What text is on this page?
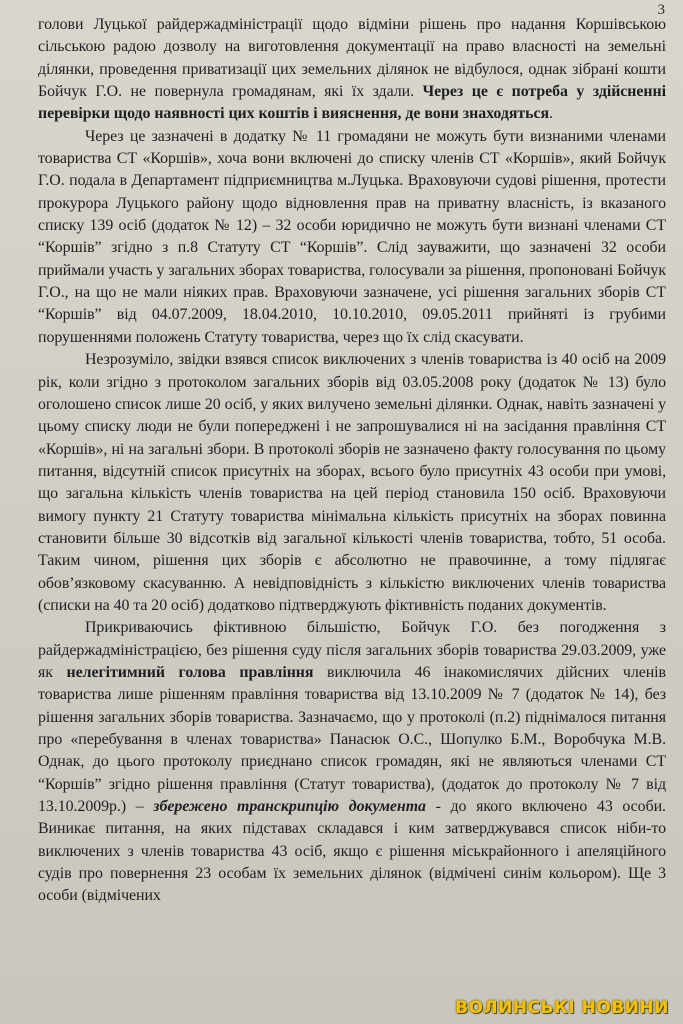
3

голови Луцької райдержадміністрації щодо відміни рішень про надання Коршівською сільською радою дозволу на виготовлення документації на право власності на земельні ділянки, проведення приватизації цих земельних ділянок не відбулося, однак зібрані кошти Бойчук Г.О. не повернула громадянам, які їх здали. Через це є потреба у здійсненні перевірки щодо наявності цих коштів і вияснення, де вони знаходяться.

Через це зазначені в додатку № 11 громадяни не можуть бути визнаними членами товариства СТ «Коршів», хоча вони включені до списку членів СТ «Коршів», який Бойчук Г.О. подала в Департамент підприємництва м.Луцька. Враховуючи судові рішення, протести прокурора Луцького району щодо відновлення прав на приватну власність, із вказаного списку 139 осіб (додаток № 12) – 32 особи юридично не можуть бути визнані членами СТ “Коршів” згідно з п.8 Статуту СТ “Коршів”. Слід зауважити, що зазначені 32 особи приймали участь у загальних зборах товариства, голосували за рішення, пропоновані Бойчук Г.О., на що не мали ніяких прав. Враховуючи зазначене, усі рішення загальних зборів СТ “Коршів” від 04.07.2009, 18.04.2010, 10.10.2010, 09.05.2011 прийняті із грубими порушеннями положень Статуту товариства, через що їх слід скасувати.

Незрозуміло, звідки взявся список виключених з членів товариства із 40 осіб на 2009 рік, коли згідно з протоколом загальних зборів від 03.05.2008 року (додаток № 13) було оголошено список лише 20 осіб, у яких вилучено земельні ділянки. Однак, навіть зазначені у цьому списку люди не були попереджені і не запрошувалися ні на засідання правління СТ «Коршів», ні на загальні збори. В протоколі зборів не зазначено факту голосування по цьому питання, відсутній список присутніх на зборах, всього було присутніх 43 особи при умові, що загальна кількість членів товариства на цей період становила 150 осіб. Враховуючи вимогу пункту 21 Статуту товариства мінімальна кількість присутніх на зборах повинна становити більше 30 відсотків від загальної кількості членів товариства, тобто, 51 особа. Таким чином, рішення цих зборів є абсолютно не правочинне, а тому підлягає обов’язковому скасуванню. А невідповідність з кількістю виключених членів товариства (списки на 40 та 20 осіб) додатково підтверджують фіктивність поданих документів.

Прикриваючись фіктивною більшістю, Бойчук Г.О. без погодження з райдержадміністрацією, без рішення суду після загальних зборів товариства 29.03.2009, уже як нелегітимний голова правління виключила 46 інакомислячих дійсних членів товариства лише рішенням правління товариства від 13.10.2009 № 7 (додаток № 14), без рішення загальних зборів товариства. Зазначаємо, що у протоколі (п.2) піднімалося питання про «перебування в членах товариства» Панасюк О.С., Шопулко Б.М., Воробчука М.В. Однак, до цього протоколу приєднано список громадян, які не являються членами СТ “Коршів” згідно рішення правління (Статут товариства), (додаток до протоколу № 7 від 13.10.2009р.) – збережено транскрипцію документа - до якого включено 43 особи. Виникає питання, на яких підставах складався і ким затверджувався список ніби-то виключених з членів товариства 43 осіб, якщо є рішення міськрайонного і апеляційного судів про повернення 23 особам їх земельних ділянок (відмічені синім кольором). Ще 3 особи (відмічених

ВОЛИНСЬКІ НОВИНИ
